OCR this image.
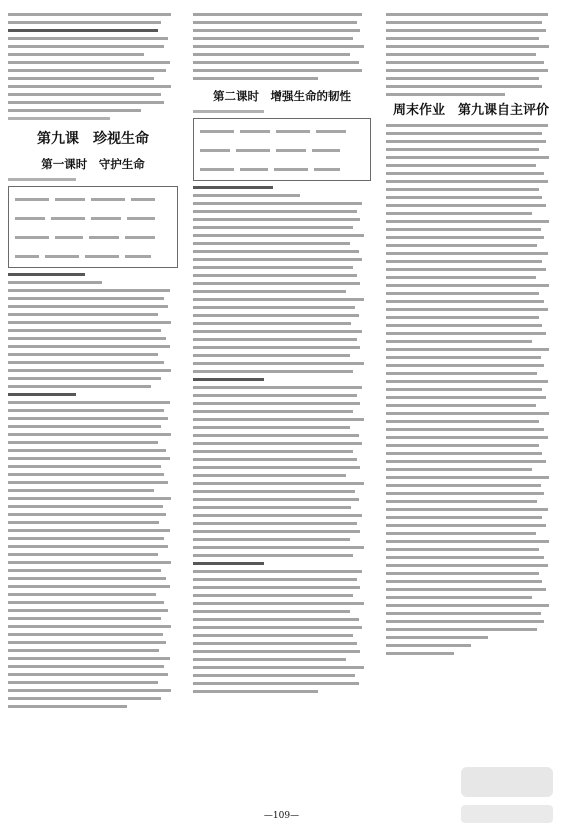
第九课　珍视生命
第一课时　守护生命
第二课时　增强生命的韧性
周末作业　第九课自主评价
—109—
